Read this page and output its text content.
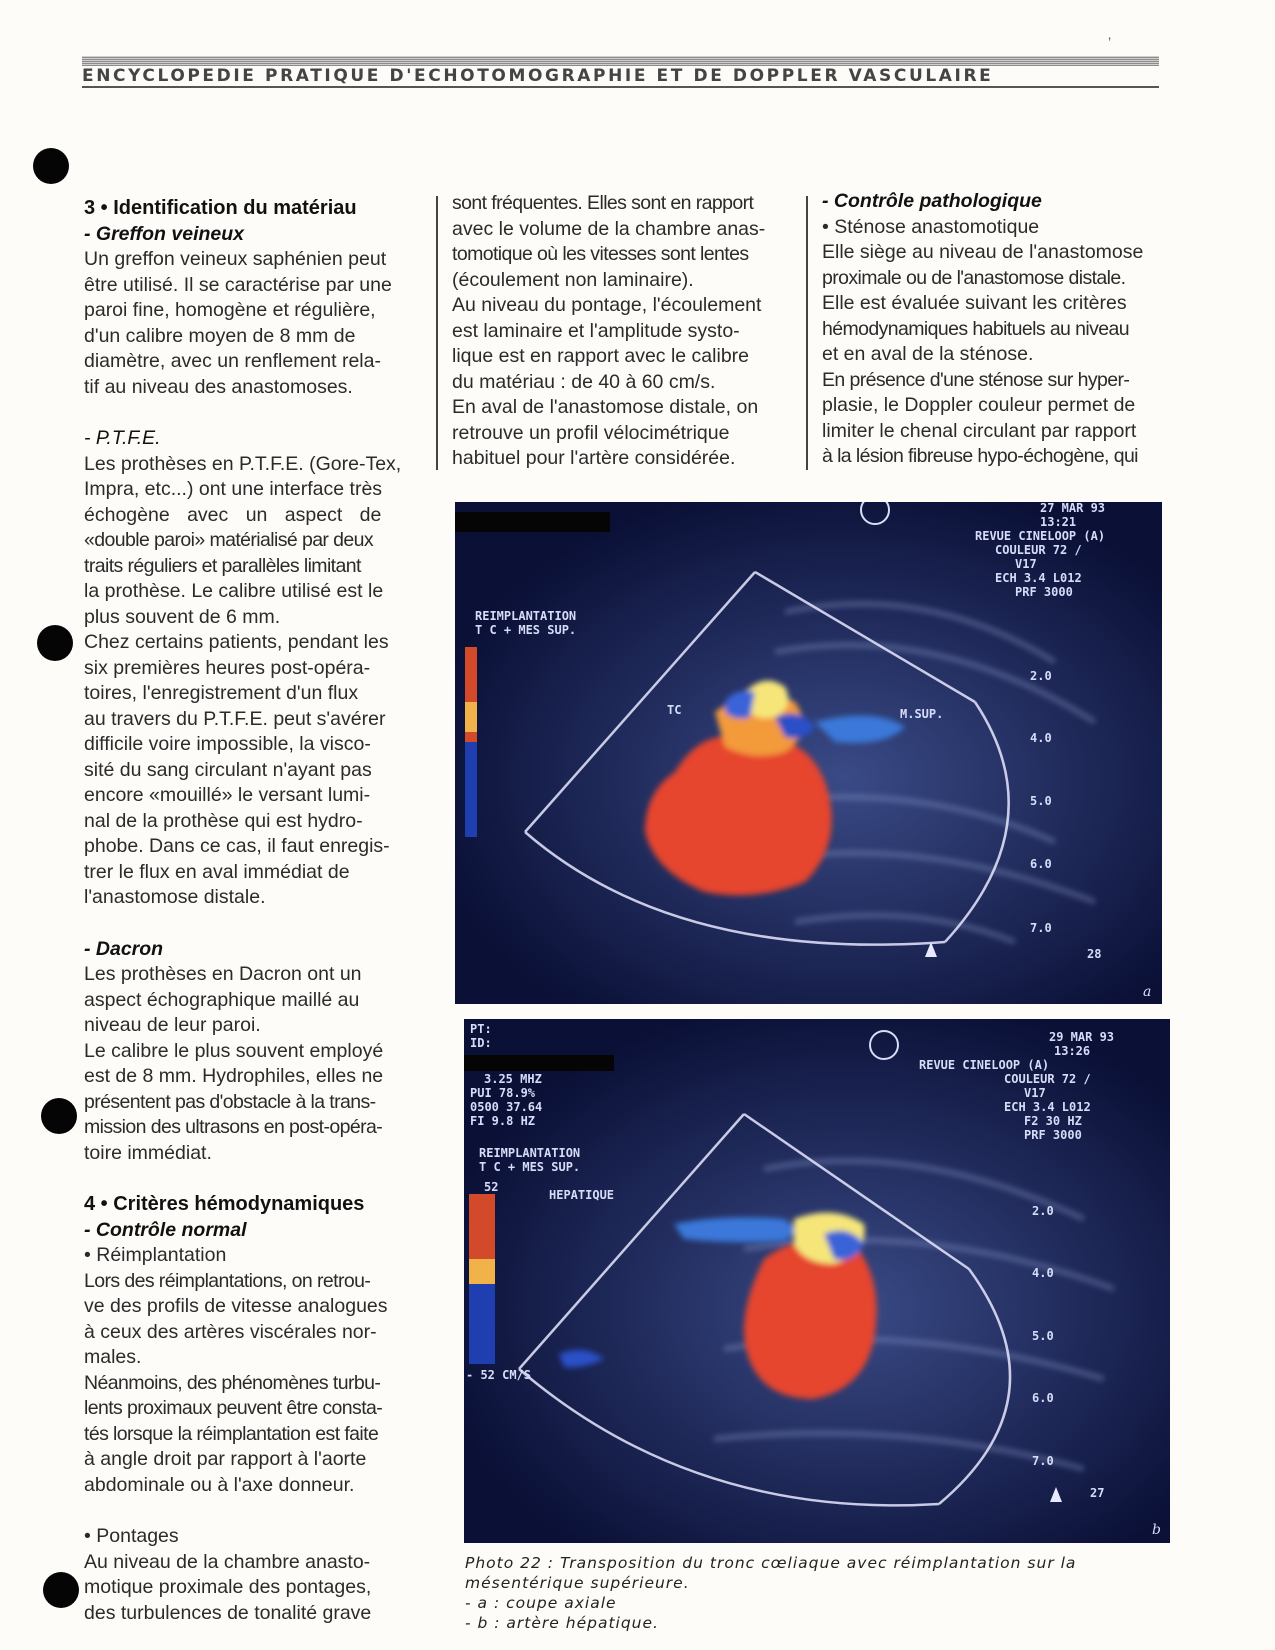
’
ENCYCLOPEDIE PRATIQUE D'ECHOTOMOGRAPHIE ET DE DOPPLER VASCULAIRE

3 • Identification du matériau

- Greffon veineux

Un greffon veineux saphénien peut

être utilisé. Il se caractérise par une

paroi fine, homogène et régulière,

d'un calibre moyen de 8 mm de

diamètre, avec un renflement rela-

tif au niveau des anastomoses.

- P.T.F.E.

Les prothèses en P.T.F.E. (Gore-Tex,

Impra, etc...) ont une interface très

échogène avec un aspect de

«double paroi» matérialisé par deux

traits réguliers et parallèles limitant

la prothèse. Le calibre utilisé est le

plus souvent de 6 mm.

Chez certains patients, pendant les

six premières heures post-opéra-

toires, l'enregistrement d'un flux

au travers du P.T.F.E. peut s'avérer

difficile voire impossible, la visco-

sité du sang circulant n'ayant pas

encore «mouillé» le versant lumi-

nal de la prothèse qui est hydro-

phobe. Dans ce cas, il faut enregis-

trer le flux en aval immédiat de

l'anastomose distale.

- Dacron

Les prothèses en Dacron ont un

aspect échographique maillé au

niveau de leur paroi.

Le calibre le plus souvent employé

est de 8 mm. Hydrophiles, elles ne

présentent pas d'obstacle à la trans-

mission des ultrasons en post-opéra-

toire immédiat.

4 • Critères hémodynamiques

- Contrôle normal

• Réimplantation

Lors des réimplantations, on retrou-

ve des profils de vitesse analogues

à ceux des artères viscérales nor-

males.

Néanmoins, des phénomènes turbu-

lents proximaux peuvent être consta-

tés lorsque la réimplantation est faite

à angle droit par rapport à l'aorte

abdominale ou à l'axe donneur.

• Pontages

Au niveau de la chambre anasto-

motique proximale des pontages,

des turbulences de tonalité grave

sont fréquentes. Elles sont en rapport

avec le volume de la chambre anas-

tomotique où les vitesses sont lentes

(écoulement non laminaire).

Au niveau du pontage, l'écoulement

est laminaire et l'amplitude systo-

lique est en rapport avec le calibre

du matériau : de 40 à 60 cm/s.

En aval de l'anastomose distale, on

retrouve un profil vélocimétrique

habituel pour l'artère considérée.

- Contrôle pathologique

• Sténose anastomotique

Elle siège au niveau de l'anastomose

proximale ou de l'anastomose distale.

Elle est évaluée suivant les critères

hémodynamiques habituels au niveau

et en aval de la sténose.

En présence d'une sténose sur hyper-

plasie, le Doppler couleur permet de

limiter le chenal circulant par rapport

à la lésion fibreuse hypo-échogène, qui

REIMPLANTATION
T C + MES SUP.
TC	M.SUP.
27 MAR 93
13:21
REVUE CINELOOP (A)
COULEUR 72 /
V17
ECH 3.4 L012
PRF 3000
2.0
4.0
5.0
6.0
7.0
28
a
PT:
ID:
3.25 MHZ
PUI 78.9%
0500 37.64
FI 9.8 HZ
REIMPLANTATION
T C + MES SUP.
HEPATIQUE
52
- 52 CM/S
29 MAR 93
13:26
REVUE CINELOOP (A)
COULEUR 72 /
V17
ECH 3.4 L012
F2 30 HZ
PRF 3000
2.0
4.0
5.0
6.0
7.0
27
b

Photo 22 : Transposition du tronc cœliaque avec réimplantation sur la

mésentérique supérieure.

- a : coupe axiale

- b : artère hépatique.
